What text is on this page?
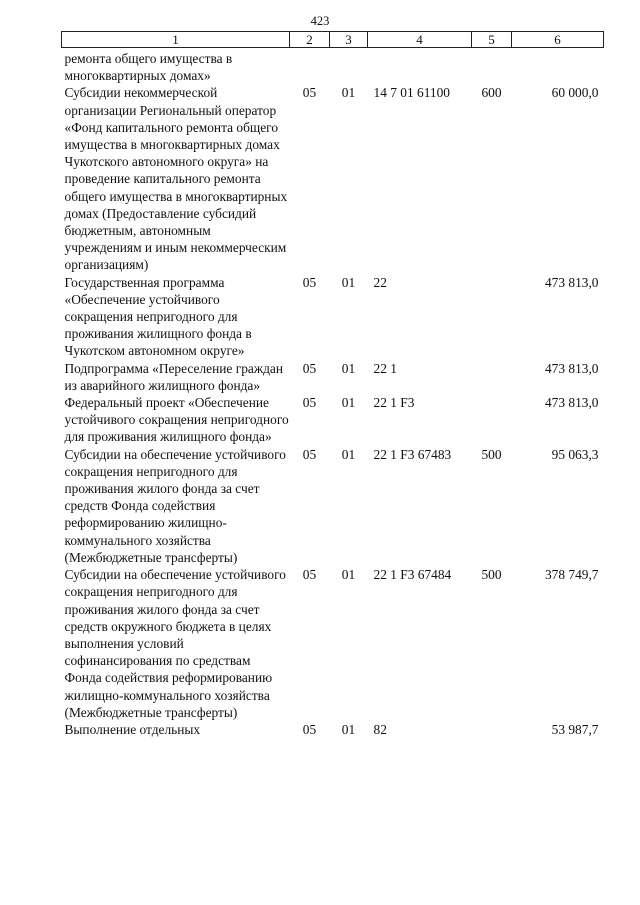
423
1	2	3	4	5	6
ремонта общего имущества в многоквартирных домах»					
Субсидии некоммерческой организации Региональный оператор «Фонд капитального ремонта общего имущества в многоквартирных домах Чукотского автономного округа» на проведение капитального ремонта общего имущества в многоквартирных домах (Предоставление субсидий бюджетным, автономным учреждениям и иным некоммерческим организациям)	05	01	14 7 01 61100	600	60 000,0
Государственная программа «Обеспечение устойчивого сокращения непригодного для проживания жилищного фонда в Чукотском автономном округе»	05	01	22		473 813,0
Подпрограмма «Переселение граждан из аварийного жилищного фонда»	05	01	22 1		473 813,0
Федеральный проект «Обеспечение устойчивого сокращения непригодного для проживания жилищного фонда»	05	01	22 1 F3		473 813,0
Субсидии на обеспечение устойчивого сокращения непригодного для проживания жилого фонда за счет средств Фонда содействия реформированию жилищно-коммунального хозяйства (Межбюджетные трансферты)	05	01	22 1 F3 67483	500	95 063,3
Субсидии на обеспечение устойчивого сокращения непригодного для проживания жилого фонда за счет средств окружного бюджета в целях выполнения условий софинансирования по средствам Фонда содействия реформированию жилищно-коммунального хозяйства (Межбюджетные трансферты)	05	01	22 1 F3 67484	500	378 749,7
Выполнение отдельных	05	01	82		53 987,7
